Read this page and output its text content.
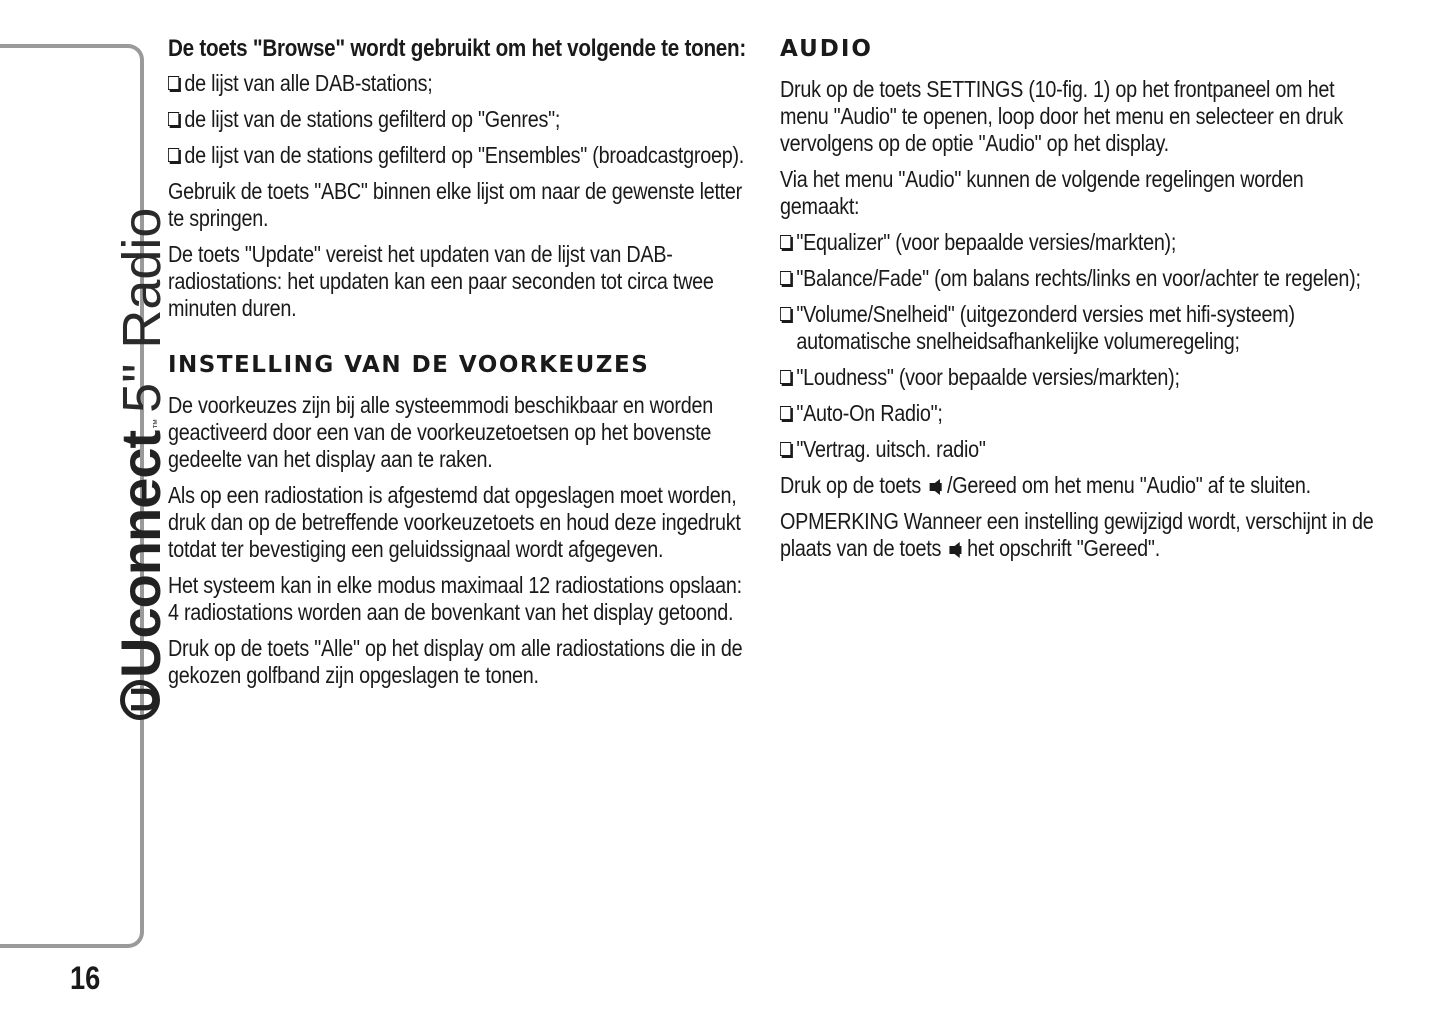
UUconnect
™
5" Radio
16

De toets "Browse" wordt gebruikt om het volgende te tonen:

de lijst van alle DAB-stations;
de lijst van de stations gefilterd op "Genres";
de lijst van de stations gefilterd op "Ensembles" (broadcastgroep).

Gebruik de toets "ABC" binnen elke lijst om naar de gewenste letter te springen.

De toets "Update" vereist het updaten van de lijst van DAB-radiostations: het updaten kan een paar seconden tot circa twee minuten duren.

INSTELLING VAN DE VOORKEUZES

De voorkeuzes zijn bij alle systeemmodi beschikbaar en worden geactiveerd door een van de voorkeuzetoetsen op het bovenste gedeelte van het display aan te raken.

Als op een radiostation is afgestemd dat opgeslagen moet worden, druk dan op de betreffende voorkeuzetoets en houd deze ingedrukt totdat ter bevestiging een geluidssignaal wordt afgegeven.

Het systeem kan in elke modus maximaal 12 radiostations opslaan: 4 radiostations worden aan de bovenkant van het display getoond.

Druk op de toets "Alle" op het display om alle radiostations die in de gekozen golfband zijn opgeslagen te tonen.

AUDIO

Druk op de toets SETTINGS (10-fig. 1) op het frontpaneel om het menu "Audio" te openen, loop door het menu en selecteer en druk vervolgens op de optie "Audio" op het display.

Via het menu "Audio" kunnen de volgende regelingen worden gemaakt:

"Equalizer" (voor bepaalde versies/markten);
"Balance/Fade" (om balans rechts/links en voor/achter te regelen);
"Volume/Snelheid" (uitgezonderd versies met hifi-systeem) automatische snelheidsafhankelijke volumeregeling;
"Loudness" (voor bepaalde versies/markten);
"Auto-On Radio";
"Vertrag. uitsch. radio"

Druk op de toets /Gereed om het menu "Audio" af te sluiten.

OPMERKING Wanneer een instelling gewijzigd wordt, verschijnt in de plaats van de toets het opschrift "Gereed".
